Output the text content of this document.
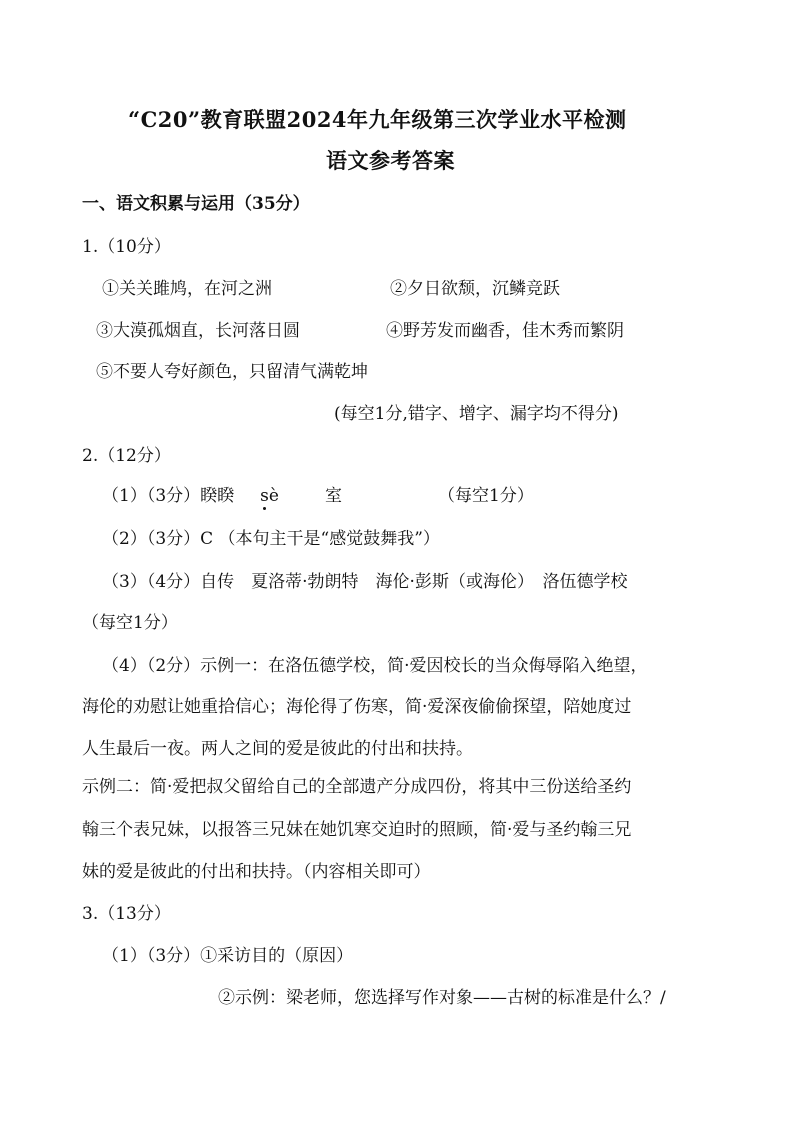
“C20”教育联盟2024年九年级第三次学业水平检测
语文参考答案
一、语文积累与运用（35分）
1.（10分）
①关关雎鸠，在河之洲	②夕日欲颓，沉鳞竞跃
③大漠孤烟直，长河落日圆	④野芳发而幽香，佳木秀而繁阴
⑤不要人夸好颜色，只留清气满乾坤
(每空1分,错字、增字、漏字均不得分)
2.（12分）
（1）（3分）睽睽 sè	室	（每空1分）
（2）（3分）C （本句主干是“感觉鼓舞我”）
（3）（4分）自传　夏洛蒂·勃朗特　海伦·彭斯（或海伦）　洛伍德学校
（每空1分）
（4）（2分）示例一：在洛伍德学校，简·爱因校长的当众侮辱陷入绝望，
海伦的劝慰让她重拾信心；海伦得了伤寒，简·爱深夜偷偷探望，陪她度过
人生最后一夜。两人之间的爱是彼此的付出和扶持。
示例二：简·爱把叔父留给自己的全部遗产分成四份，将其中三份送给圣约
翰三个表兄妹，以报答三兄妹在她饥寒交迫时的照顾，简·爱与圣约翰三兄
妹的爱是彼此的付出和扶持。（内容相关即可）
3.（13分）
（1）（3分）①采访目的（原因）
②示例：梁老师，您选择写作对象——古树的标准是什么？/
